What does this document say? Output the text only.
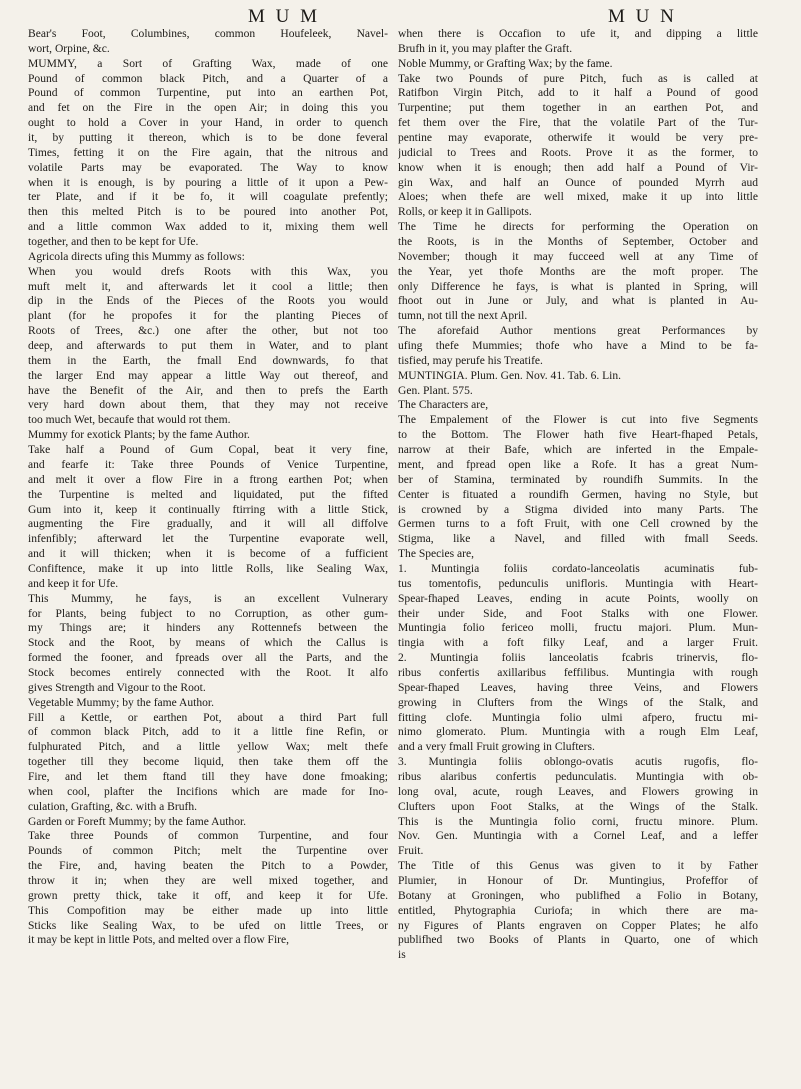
M U M	M U N
Bear's Foot, Columbines, common Houfeleek, Navel-
wort, Orpine, &c.
MUMMY, a Sort of Grafting Wax, made of one
Pound of common black Pitch, and a Quarter of a
Pound of common Turpentine, put into an earthen Pot,
and fet on the Fire in the open Air; in doing this you
ought to hold a Cover in your Hand, in order to quench
it, by putting it thereon, which is to be done feveral
Times, fetting it on the Fire again, that the nitrous and
volatile Parts may be evaporated. The Way to know
when it is enough, is by pouring a little of it upon a Pew-
ter Plate, and if it be fo, it will coagulate prefently;
then this melted Pitch is to be poured into another Pot,
and a little common Wax added to it, mixing them well
together, and then to be kept for Ufe.
Agricola directs ufing this Mummy as follows:
When you would drefs Roots with this Wax, you
muft melt it, and afterwards let it cool a little; then
dip in the Ends of the Pieces of the Roots you would
plant (for he propofes it for the planting Pieces of
Roots of Trees, &c.) one after the other, but not too
deep, and afterwards to put them in Water, and to plant
them in the Earth, the fmall End downwards, fo that
the larger End may appear a little Way out thereof, and
have the Benefit of the Air, and then to prefs the Earth
very hard down about them, that they may not receive
too much Wet, becaufe that would rot them.
Mummy for exotick Plants; by the fame Author.
Take half a Pound of Gum Copal, beat it very fine,
and fearfe it: Take three Pounds of Venice Turpentine,
and melt it over a flow Fire in a ftrong earthen Pot; when
the Turpentine is melted and liquidated, put the fifted
Gum into it, keep it continually ftirring with a little Stick,
augmenting the Fire gradually, and it will all diffolve
infenfibly; afterward let the Turpentine evaporate well,
and it will thicken; when it is become of a fufficient
Confiftence, make it up into little Rolls, like Sealing Wax,
and keep it for Ufe.
This Mummy, he fays, is an excellent Vulnerary
for Plants, being fubject to no Corruption, as other gum-
my Things are; it hinders any Rottennefs between the
Stock and the Root, by means of which the Callus is
formed the fooner, and fpreads over all the Parts, and the
Stock becomes entirely connected with the Root. It alfo
gives Strength and Vigour to the Root.
Vegetable Mummy; by the fame Author.
Fill a Kettle, or earthen Pot, about a third Part full
of common black Pitch, add to it a little fine Refin, or
fulphurated Pitch, and a little yellow Wax; melt thefe
together till they become liquid, then take them off the
Fire, and let them ftand till they have done fmoaking;
when cool, plafter the Incifions which are made for Ino-
culation, Grafting, &c. with a Brufh.
Garden or Foreft Mummy; by the fame Author.
Take three Pounds of common Turpentine, and four
Pounds of common Pitch; melt the Turpentine over
the Fire, and, having beaten the Pitch to a Powder,
throw it in; when they are well mixed together, and
grown pretty thick, take it off, and keep it for Ufe.
This Compofition may be either made up into little
Sticks like Sealing Wax, to be ufed on little Trees, or
it may be kept in little Pots, and melted over a flow Fire,
when there is Occafion to ufe it, and dipping a little
Brufh in it, you may plafter the Graft.
Noble Mummy, or Grafting Wax; by the fame.
Take two Pounds of pure Pitch, fuch as is called at
Ratifbon Virgin Pitch, add to it half a Pound of good
Turpentine; put them together in an earthen Pot, and
fet them over the Fire, that the volatile Part of the Tur-
pentine may evaporate, otherwife it would be very pre-
judicial to Trees and Roots. Prove it as the former, to
know when it is enough; then add half a Pound of Vir-
gin Wax, and half an Ounce of pounded Myrrh aud
Aloes; when thefe are well mixed, make it up into little
Rolls, or keep it in Gallipots.
The Time he directs for performing the Operation on
the Roots, is in the Months of September, October and
November; though it may fucceed well at any Time of
the Year, yet thofe Months are the moft proper. The
only Difference he fays, is what is planted in Spring, will
fhoot out in June or July, and what is planted in Au-
tumn, not till the next April.
The aforefaid Author mentions great Performances by
ufing thefe Mummies; thofe who have a Mind to be fa-
tisfied, may perufe his Treatife.
MUNTINGIA. Plum. Gen. Nov. 41. Tab. 6. Lin.
Gen. Plant. 575.
The Characters are,
The Empalement of the Flower is cut into five Segments
to the Bottom. The Flower hath five Heart-fhaped Petals,
narrow at their Bafe, which are inferted in the Empale-
ment, and fpread open like a Rofe. It has a great Num-
ber of Stamina, terminated by roundifh Summits. In the
Center is fituated a roundifh Germen, having no Style, but
is crowned by a Stigma divided into many Parts. The
Germen turns to a foft Fruit, with one Cell crowned by the
Stigma, like a Navel, and filled with fmall Seeds.
The Species are,
1. Muntingia foliis cordato-lanceolatis acuminatis fub-
tus tomentofis, pedunculis unifloris. Muntingia with Heart-
Spear-fhaped Leaves, ending in acute Points, woolly on
their under Side, and Foot Stalks with one Flower.
Muntingia folio fericeo molli, fructu majori. Plum. Mun-
tingia with a foft filky Leaf, and a larger Fruit.
2. Muntingia foliis lanceolatis fcabris trinervis, flo-
ribus confertis axillaribus feffilibus. Muntingia with rough
Spear-fhaped Leaves, having three Veins, and Flowers
growing in Clufters from the Wings of the Stalk, and
fitting clofe. Muntingia folio ulmi afpero, fructu mi-
nimo glomerato. Plum. Muntingia with a rough Elm Leaf,
and a very fmall Fruit growing in Clufters.
3. Muntingia foliis oblongo-ovatis acutis rugofis, flo-
ribus alaribus confertis pedunculatis. Muntingia with ob-
long oval, acute, rough Leaves, and Flowers growing in
Clufters upon Foot Stalks, at the Wings of the Stalk.
This is the Muntingia folio corni, fructu minore. Plum.
Nov. Gen. Muntingia with a Cornel Leaf, and a leffer
Fruit.
The Title of this Genus was given to it by Father
Plumier, in Honour of Dr. Muntingius, Profeffor of
Botany at Groningen, who publifhed a Folio in Botany,
entitled, Phytographia Curiofa; in which there are ma-
ny Figures of Plants engraven on Copper Plates; he alfo
publifhed two Books of Plants in Quarto, one of which
is
